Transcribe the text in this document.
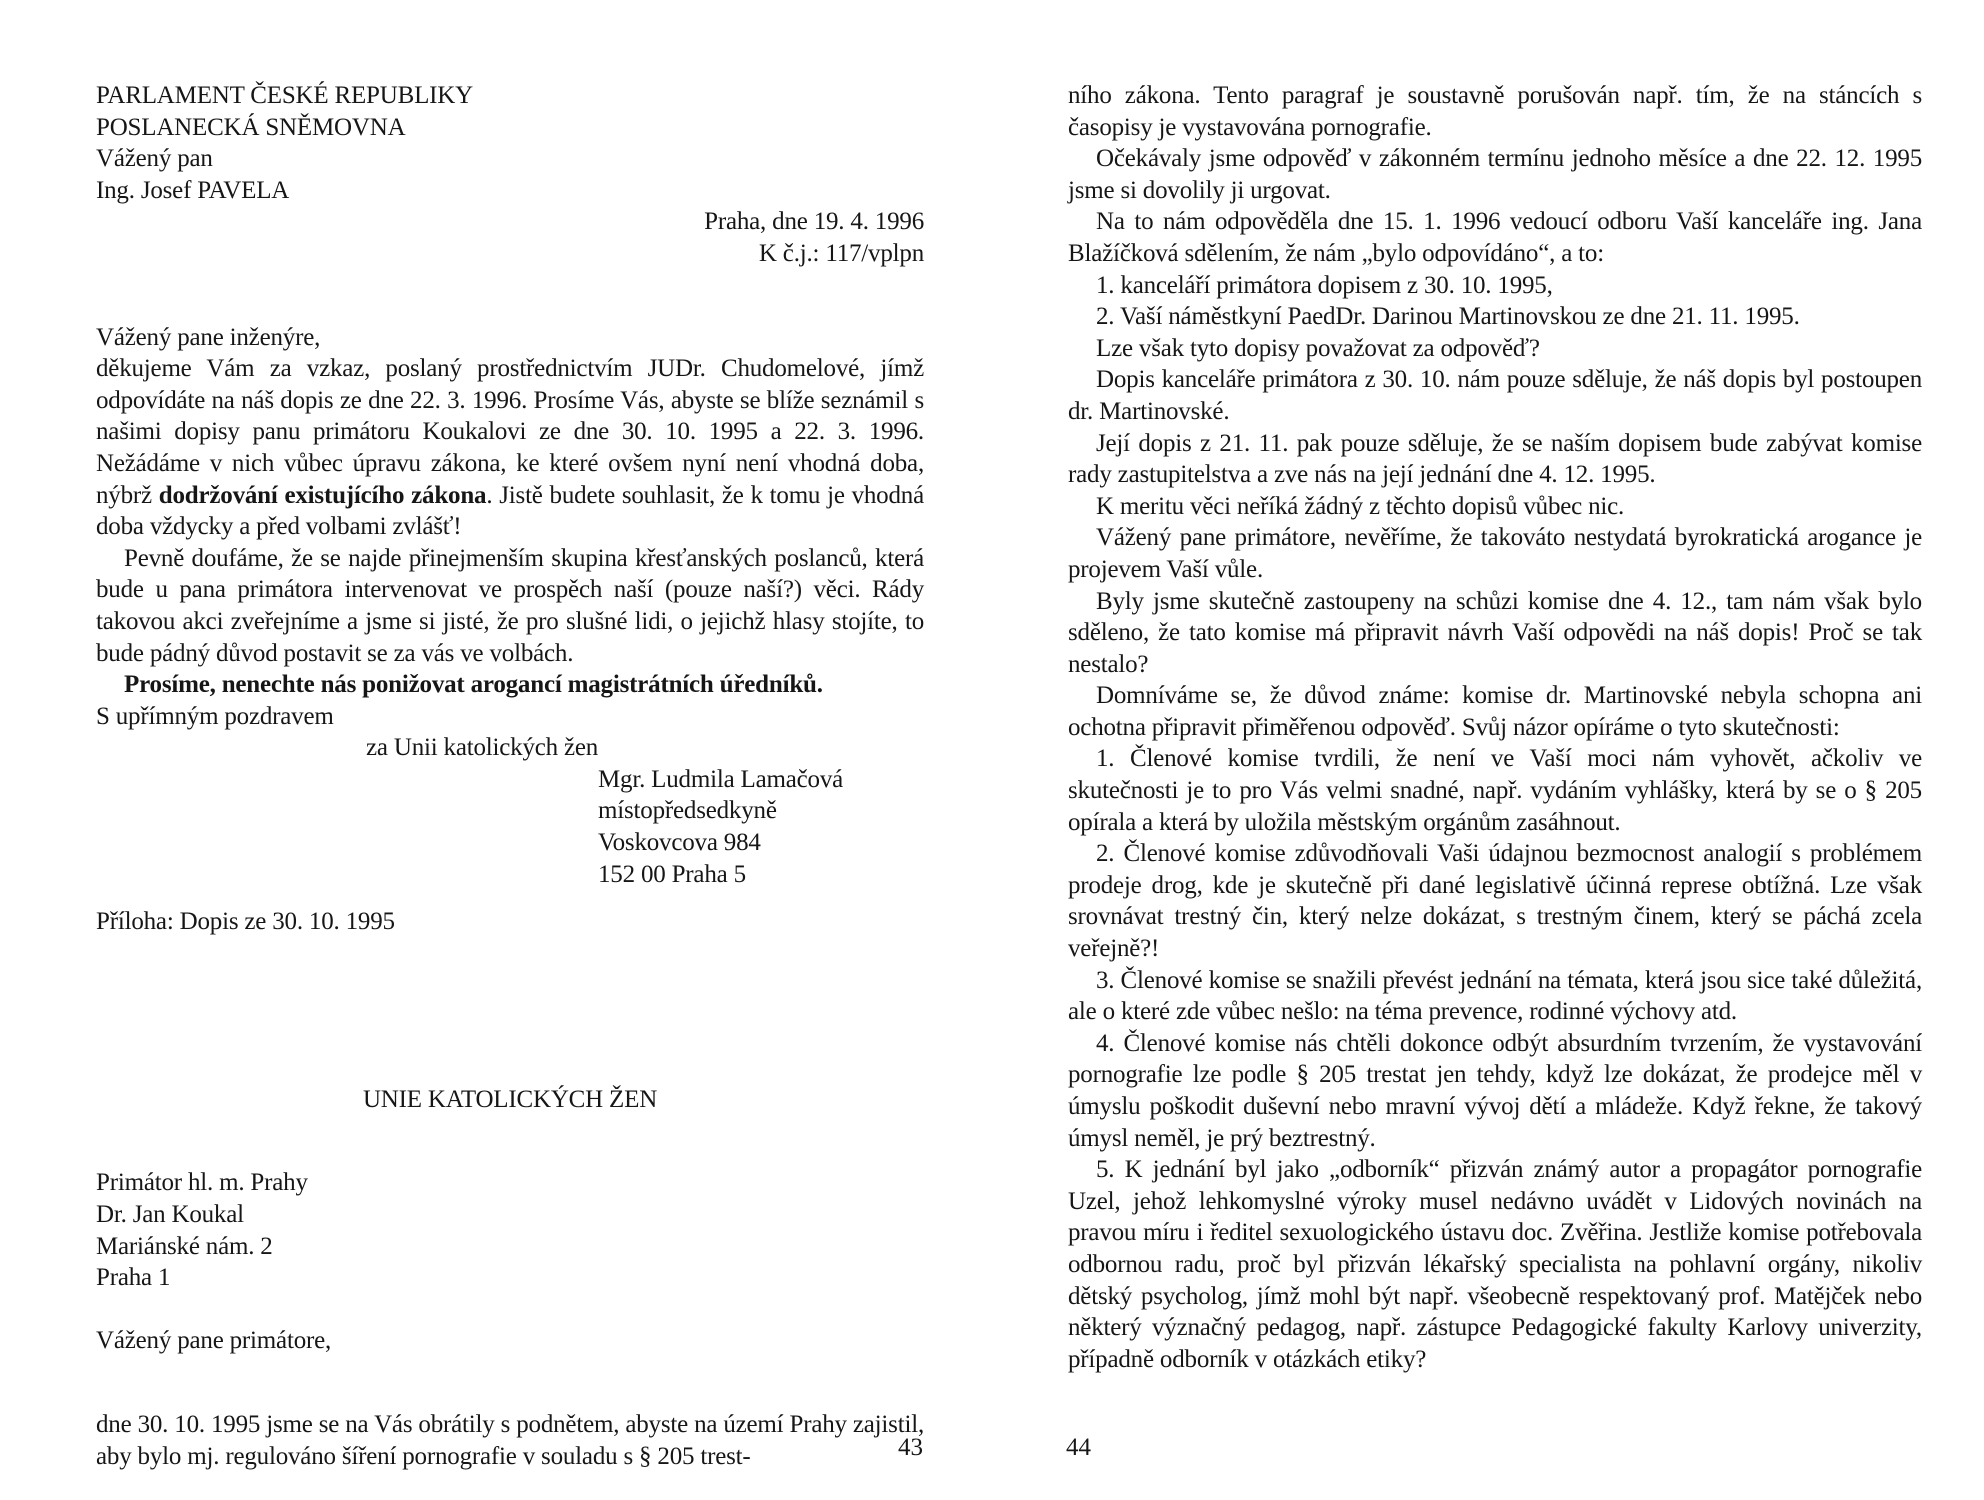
PARLAMENT ČESKÉ REPUBLIKY

POSLANECKÁ SNĚMOVNA

Vážený pan

Ing. Josef PAVELA

Praha, dne 19. 4. 1996

K č.j.: 117/vplpn

Vážený pane inženýre,

děkujeme Vám za vzkaz, poslaný prostřednictvím JUDr. Chudomelové, jímž odpovídáte na náš dopis ze dne 22. 3. 1996. Prosíme Vás, abyste se blíže seznámil s našimi dopisy panu primátoru Koukalovi ze dne 30. 10. 1995 a 22. 3. 1996. Nežádáme v nich vůbec úpravu zákona, ke které ovšem nyní není vhodná doba, nýbrž dodržování existujícího zákona. Jistě budete souhlasit, že k tomu je vhodná doba vždycky a před volbami zvlášť!

Pevně doufáme, že se najde přinejmenším skupina křesťanských poslanců, která bude u pana primátora intervenovat ve prospěch naší (pouze naší?) věci. Rády takovou akci zveřejníme a jsme si jisté, že pro slušné lidi, o jejichž hlasy stojíte, to bude pádný důvod postavit se za vás ve volbách.

Prosíme, nenechte nás ponižovat arogancí magistrátních úředníků.

S upřímným pozdravem

za Unii katolických žen

Mgr. Ludmila Lamačová

místopředsedkyně

Voskovcova 984

152 00 Praha 5

Příloha: Dopis ze 30. 10. 1995

UNIE KATOLICKÝCH ŽEN

Primátor hl. m. Prahy

Dr. Jan Koukal

Mariánské nám. 2

Praha 1

Vážený pane primátore,

dne 30. 10. 1995 jsme se na Vás obrátily s podnětem, abyste na území Prahy zajistil, aby bylo mj. regulováno šíření pornografie v souladu s § 205 trest-	43

ního zákona. Tento paragraf je soustavně porušován např. tím, že na stáncích s časopisy je vystavována pornografie.

Očekávaly jsme odpověď v zákonném termínu jednoho měsíce a dne 22. 12. 1995 jsme si dovolily ji urgovat.

Na to nám odpověděla dne 15. 1. 1996 vedoucí odboru Vaší kanceláře ing. Jana Blažíčková sdělením, že nám „bylo odpovídáno“, a to:

1. kanceláří primátora dopisem z 30. 10. 1995,

2. Vaší náměstkyní PaedDr. Darinou Martinovskou ze dne 21. 11. 1995.

Lze však tyto dopisy považovat za odpověď?

Dopis kanceláře primátora z 30. 10. nám pouze sděluje, že náš dopis byl postoupen dr. Martinovské.

Její dopis z 21. 11. pak pouze sděluje, že se naším dopisem bude zabývat komise rady zastupitelstva a zve nás na její jednání dne 4. 12. 1995.

K meritu věci neříká žádný z těchto dopisů vůbec nic.

Vážený pane primátore, nevěříme, že takováto nestydatá byrokratická arogance je projevem Vaší vůle.

Byly jsme skutečně zastoupeny na schůzi komise dne 4. 12., tam nám však bylo sděleno, že tato komise má připravit návrh Vaší odpovědi na náš dopis! Proč se tak nestalo?

Domníváme se, že důvod známe: komise dr. Martinovské nebyla schopna ani ochotna připravit přiměřenou odpověď. Svůj názor opíráme o tyto skutečnosti:

1. Členové komise tvrdili, že není ve Vaší moci nám vyhovět, ačkoliv ve skutečnosti je to pro Vás velmi snadné, např. vydáním vyhlášky, která by se o § 205 opírala a která by uložila městským orgánům zasáhnout.

2. Členové komise zdůvodňovali Vaši údajnou bezmocnost analogií s problémem prodeje drog, kde je skutečně při dané legislativě účinná represe obtížná. Lze však srovnávat trestný čin, který nelze dokázat, s trestným činem, který se páchá zcela veřejně?!

3. Členové komise se snažili převést jednání na témata, která jsou sice také důležitá, ale o které zde vůbec nešlo: na téma prevence, rodinné výchovy atd.

4. Členové komise nás chtěli dokonce odbýt absurdním tvrzením, že vystavování pornografie lze podle § 205 trestat jen tehdy, když lze dokázat, že prodejce měl v úmyslu poškodit duševní nebo mravní vývoj dětí a mládeže. Když řekne, že takový úmysl neměl, je prý beztrestný.

5. K jednání byl jako „odborník“ přizván známý autor a propagátor pornografie Uzel, jehož lehkomyslné výroky musel nedávno uvádět v Lidových novinách na pravou míru i ředitel sexuologického ústavu doc. Zvěřina. Jestliže komise potřebovala odbornou radu, proč byl přizván lékařský specialista na pohlavní orgány, nikoliv dětský psycholog, jímž mohl být např. všeobecně respektovaný prof. Matějček nebo některý význačný pedagog, např. zástupce Pedagogické fakulty Karlovy univerzity, případně odborník v otázkách etiky?

44
